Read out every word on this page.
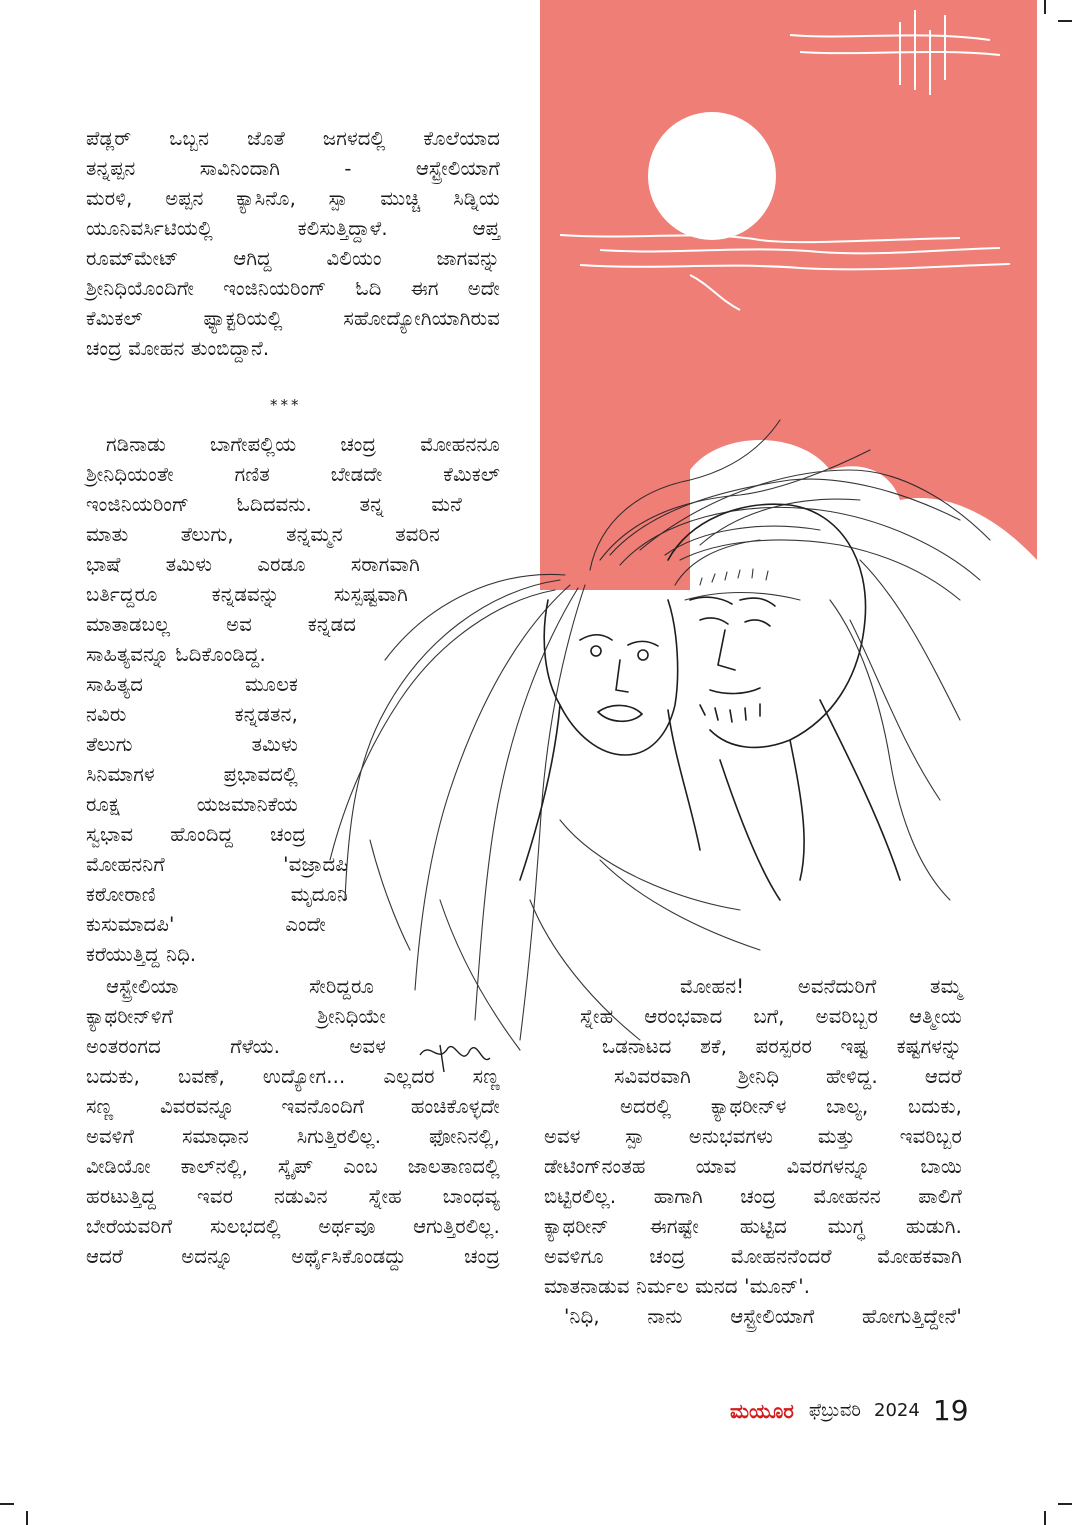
ಪೆಡ್ಲರ್ ಒಬ್ಬನ ಜೊತೆ ಜಗಳದಲ್ಲಿ ಕೊಲೆಯಾದ
ತನ್ನಪ್ಪನ ಸಾವಿನಿಂದಾಗಿ - ಆಸ್ಟ್ರೇಲಿಯಾಗೆ
ಮರಳಿ, ಅಪ್ಪನ ಕ್ಯಾಸಿನೊ, ಸ್ಪಾ ಮುಚ್ಚಿ ಸಿಡ್ನಿಯ
ಯೂನಿವರ್ಸಿಟಿಯಲ್ಲಿ ಕಲಿಸುತ್ತಿದ್ದಾಳೆ. ಆಪ್ತ
ರೂಮ್‌ಮೇಟ್ ಆಗಿದ್ದ ವಿಲಿಯಂ ಜಾಗವನ್ನು
ಶ್ರೀನಿಧಿಯೊಂದಿಗೇ ಇಂಜಿನಿಯರಿಂಗ್ ಓದಿ ಈಗ ಅದೇ
ಕೆಮಿಕಲ್ ಫ್ಯಾಕ್ಟರಿಯಲ್ಲಿ ಸಹೋದ್ಯೋಗಿಯಾಗಿರುವ
ಚಂದ್ರ ಮೋಹನ ತುಂಬಿದ್ದಾನೆ.
***
ಗಡಿನಾಡು ಬಾಗೇಪಲ್ಲಿಯ ಚಂದ್ರ ಮೋಹನನೂ
ಶ್ರೀನಿಧಿಯಂತೇ ಗಣಿತ ಬೇಡದೇ ಕೆಮಿಕಲ್
ಇಂಜಿನಿಯರಿಂಗ್ ಓದಿದವನು. ತನ್ನ ಮನೆ
ಮಾತು ತೆಲುಗು, ತನ್ನಮ್ಮನ ತವರಿನ
ಭಾಷೆ ತಮಿಳು ಎರಡೂ ಸರಾಗವಾಗಿ
ಬರ್ತಿದ್ದರೂ ಕನ್ನಡವನ್ನು ಸುಸ್ಪಷ್ಟವಾಗಿ
ಮಾತಾಡಬಲ್ಲ ಅವ ಕನ್ನಡದ
ಸಾಹಿತ್ಯವನ್ನೂ ಓದಿಕೊಂಡಿದ್ದ.
ಸಾಹಿತ್ಯದ ಮೂಲಕ
ನವಿರು ಕನ್ನಡತನ,
ತೆಲುಗು ತಮಿಳು
ಸಿನಿಮಾಗಳ ಪ್ರಭಾವದಲ್ಲಿ
ರೂಕ್ಷ ಯಜಮಾನಿಕೆಯ
ಸ್ವಭಾವ ಹೊಂದಿದ್ದ ಚಂದ್ರ
ಮೋಹನನಿಗೆ 'ವಜ್ರಾದಪಿ
ಕಠೋರಾಣಿ ಮೃದೂನಿ
ಕುಸುಮಾದಪಿ' ಎಂದೇ
ಕರೆಯುತ್ತಿದ್ದ ನಿಧಿ.
ಆಸ್ಟ್ರೇಲಿಯಾ ಸೇರಿದ್ದರೂ
ಕ್ಯಾಥರೀನ್‌ಳಿಗೆ ಶ್ರೀನಿಧಿಯೇ
ಅಂತರಂಗದ ಗೆಳೆಯ. ಅವಳ
ಬದುಕು, ಬವಣೆ, ಉದ್ಯೋಗ... ಎಲ್ಲದರ ಸಣ್ಣ
ಸಣ್ಣ ವಿವರವನ್ನೂ ಇವನೊಂದಿಗೆ ಹಂಚಿಕೊಳ್ಳದೇ
ಅವಳಿಗೆ ಸಮಾಧಾನ ಸಿಗುತ್ತಿರಲಿಲ್ಲ. ಫೋನಿನಲ್ಲಿ,
ವೀಡಿಯೋ ಕಾಲ್‌ನಲ್ಲಿ, ಸ್ಕೈಪ್ ಎಂಬ ಜಾಲತಾಣದಲ್ಲಿ
ಹರಟುತ್ತಿದ್ದ ಇವರ ನಡುವಿನ ಸ್ನೇಹ ಬಾಂಧವ್ಯ
ಬೇರೆಯವರಿಗೆ ಸುಲಭದಲ್ಲಿ ಅರ್ಥವೂ ಆಗುತ್ತಿರಲಿಲ್ಲ.
ಆದರೆ ಅದನ್ನೂ ಅರ್ಥೈಸಿಕೊಂಡದ್ದು ಚಂದ್ರ
ಮೋಹನ! ಅವನೆದುರಿಗೆ ತಮ್ಮ
ಸ್ನೇಹ ಆರಂಭವಾದ ಬಗೆ, ಅವರಿಬ್ಬರ ಆತ್ಮೀಯ
ಒಡನಾಟದ ಶಕೆ, ಪರಸ್ಪರರ ಇಷ್ಟ ಕಷ್ಟಗಳನ್ನು
ಸವಿವರವಾಗಿ ಶ್ರೀನಿಧಿ ಹೇಳಿದ್ದ. ಆದರೆ
ಅದರಲ್ಲಿ ಕ್ಯಾಥರೀನ್‌ಳ ಬಾಲ್ಯ, ಬದುಕು,
ಅವಳ ಸ್ಪಾ ಅನುಭವಗಳು ಮತ್ತು ಇವರಿಬ್ಬರ
ಡೇಟಿಂಗ್‌ನಂತಹ ಯಾವ ವಿವರಗಳನ್ನೂ ಬಾಯಿ
ಬಿಟ್ಟಿರಲಿಲ್ಲ. ಹಾಗಾಗಿ ಚಂದ್ರ ಮೋಹನನ ಪಾಲಿಗೆ
ಕ್ಯಾಥರೀನ್ ಈಗಷ್ಟೇ ಹುಟ್ಟಿದ ಮುಗ್ಧ ಹುಡುಗಿ.
ಅವಳಿಗೂ ಚಂದ್ರ ಮೋಹನನೆಂದರೆ ಮೋಹಕವಾಗಿ
ಮಾತನಾಡುವ ನಿರ್ಮಲ ಮನದ 'ಮೂನ್'.
'ನಿಧಿ, ನಾನು ಆಸ್ಟ್ರೇಲಿಯಾಗೆ ಹೋಗುತ್ತಿದ್ದೇನೆ'
ಮಯೂರ ಫೆಬ್ರುವರಿ 2024 19
